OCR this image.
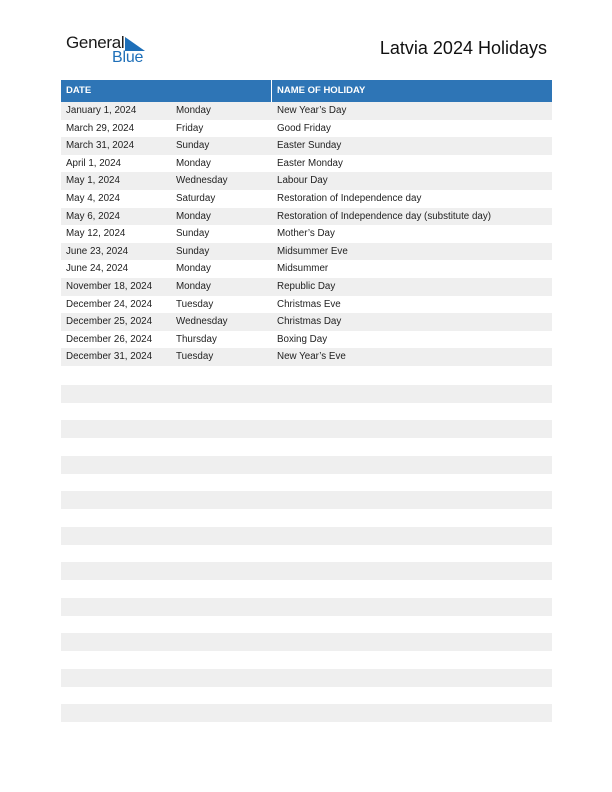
General
Blue	Latvia 2024 Holidays
DATE	NAME OF HOLIDAY
January 1, 2024	Monday	New Year’s Day
March 29, 2024	Friday	Good Friday
March 31, 2024	Sunday	Easter Sunday
April 1, 2024	Monday	Easter Monday
May 1, 2024	Wednesday	Labour Day
May 4, 2024	Saturday	Restoration of Independence day
May 6, 2024	Monday	Restoration of Independence day (substitute day)
May 12, 2024	Sunday	Mother’s Day
June 23, 2024	Sunday	Midsummer Eve
June 24, 2024	Monday	Midsummer
November 18, 2024	Monday	Republic Day
December 24, 2024	Tuesday	Christmas Eve
December 25, 2024	Wednesday	Christmas Day
December 26, 2024	Thursday	Boxing Day
December 31, 2024	Tuesday	New Year’s Eve
